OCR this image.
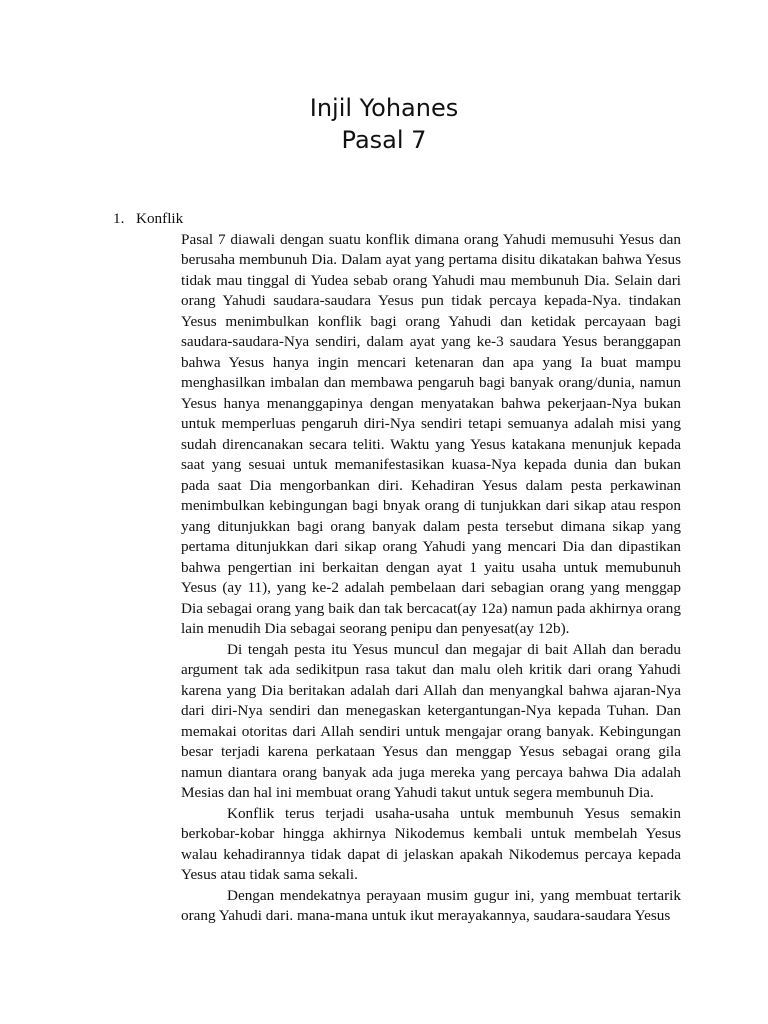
Injil Yohanes
Pasal 7
1. Konflik

Pasal 7 diawali dengan suatu konflik dimana orang Yahudi memusuhi Yesus dan berusaha membunuh Dia. Dalam ayat yang pertama disitu dikatakan bahwa Yesus tidak mau tinggal di Yudea sebab orang Yahudi mau membunuh Dia. Selain dari orang Yahudi saudara-saudara Yesus pun tidak percaya kepada-Nya. tindakan Yesus menimbulkan konflik bagi orang Yahudi dan ketidak percayaan bagi saudara-saudara-Nya sendiri, dalam ayat yang ke-3 saudara Yesus beranggapan bahwa Yesus hanya ingin mencari ketenaran dan apa yang Ia buat mampu menghasilkan imbalan dan membawa pengaruh bagi banyak orang/dunia, namun Yesus hanya menanggapinya dengan menyatakan bahwa pekerjaan-Nya bukan untuk memperluas pengaruh diri-Nya sendiri tetapi semuanya adalah misi yang sudah direncanakan secara teliti. Waktu yang Yesus katakana menunjuk kepada saat yang sesuai untuk memanifestasikan kuasa-Nya kepada dunia dan bukan pada saat Dia mengorbankan diri. Kehadiran Yesus dalam pesta perkawinan menimbulkan kebingungan bagi bnyak orang di tunjukkan dari sikap atau respon yang ditunjukkan bagi orang banyak dalam pesta tersebut dimana sikap yang pertama ditunjukkan dari sikap orang Yahudi yang mencari Dia dan dipastikan bahwa pengertian ini berkaitan dengan ayat 1 yaitu usaha untuk memubunuh Yesus (ay 11), yang ke-2 adalah pembelaan dari sebagian orang yang menggap Dia sebagai orang yang baik dan tak bercacat(ay 12a) namun pada akhirnya orang lain menudih Dia sebagai seorang penipu dan penyesat(ay 12b).

Di tengah pesta itu Yesus muncul dan megajar di bait Allah dan beradu argument tak ada sedikitpun rasa takut dan malu oleh kritik dari orang Yahudi karena yang Dia beritakan adalah dari Allah dan menyangkal bahwa ajaran-Nya dari diri-Nya sendiri dan menegaskan ketergantungan-Nya kepada Tuhan. Dan memakai otoritas dari Allah sendiri untuk mengajar orang banyak. Kebingungan besar terjadi karena perkataan Yesus dan menggap Yesus sebagai orang gila namun diantara orang banyak ada juga mereka yang percaya bahwa Dia adalah Mesias dan hal ini membuat orang Yahudi takut untuk segera membunuh Dia.

Konflik terus terjadi usaha-usaha untuk membunuh Yesus semakin berkobar-kobar hingga akhirnya Nikodemus kembali untuk membelah Yesus walau kehadirannya tidak dapat di jelaskan apakah Nikodemus percaya kepada Yesus atau tidak sama sekali.

Dengan mendekatnya perayaan musim gugur ini, yang membuat tertarik orang Yahudi dari. mana-mana untuk ikut merayakannya, saudara-saudara Yesus
